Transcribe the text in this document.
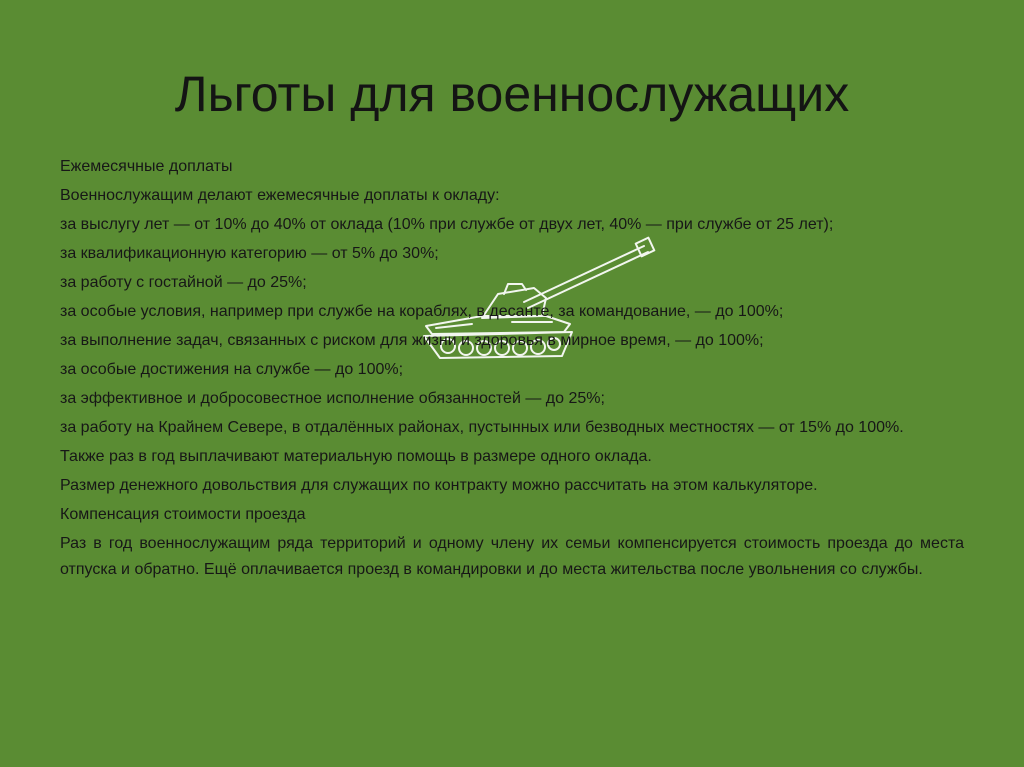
Льготы для военнослужащих

Ежемесячные доплаты

Военнослужащим делают ежемесячные доплаты к окладу:

за выслугу лет — от 10% до 40% от оклада (10% при службе от двух лет, 40% — при службе от 25 лет);

за квалификационную категорию — от 5% до 30%;

за работу с гостайной — до 25%;

за особые условия, например при службе на кораблях, в десанте, за командование, — до 100%;

за выполнение задач, связанных с риском для жизни и здоровья в мирное время, — до 100%;

за особые достижения на службе — до 100%;

за эффективное и добросовестное исполнение обязанностей — до 25%;

за работу на Крайнем Севере, в отдалённых районах, пустынных или безводных местностях — от 15% до 100%.

Также раз в год выплачивают материальную помощь в размере одного оклада.

Размер денежного довольствия для служащих по контракту можно рассчитать на этом калькуляторе.

Компенсация стоимости проезда

Раз в год военнослужащим ряда территорий и одному члену их семьи компенсируется стоимость проезда до места отпуска и обратно. Ещё оплачивается проезд в командировки и до места жительства после увольнения со службы.
